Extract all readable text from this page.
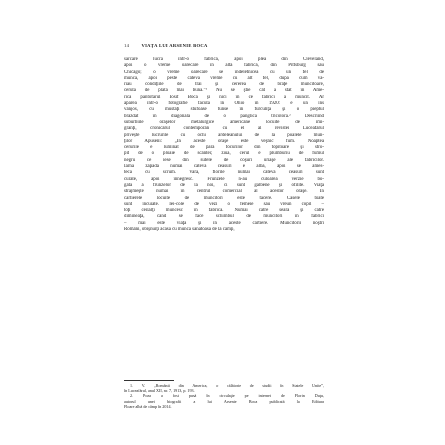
14	VIAŢA LUI ARSENIE BOCA
sarcare lucra într-o fabrică, apoi pleă din Cleveland,
apoi o vreme oarecare în altă fabrică, din Pittsburg sau
Chicago; o vreme oarecare se îndeletnicea cu un fel de
muncă, apoi peste câteva vreme cu alt fel, după cum va-
riau condiţiile de trai şi cererea de braţe muncitoare,
cerută de plata mai bună.”¹ Nu se ştie cât a stat în Ame-
rica pantofarul Iosif Boca şi nici în ce fabrici a muncit. Ar
apărea într-o fotografie făcută în Ohio în 1920: e un ins
vânjos, cu mustăţi stufoase tunse în furculiţă şi o pieptul
brăzdat în diagonală de o panglică tricoloră.² Descriind
suburbiile oraşelor metalurgice americane locuite de imi-
granţi, cronicarul contemporan cu el al revistei Luceafărul
privește lucrurile cu ochi ardeleanului de la poalele mun-
ţilor Apuseni: „În aceste oraşe este veşnic fum. Noaptea
cerurile e luminat de para focurilor din topitoare şi stro-
pit de o ploaie de scântei; ziua, cerul e plumburiu de fumul
negru ce iese din sutele de coşuri uriaşe ale fabricilor.
Iarna zăpada numai câteva ceasuri e albă, apoi se ames-
tecă cu scrum. Vara, florile numai câteva ceasuri sunt
curate, apoi înnegresc. Frunzele n-au culoarea verzie bo-
gată a frunzelor de la noi, ci sunt galbene şi ofilite. Viaţa
străjmeşte numai în centrul comercial al acestor oraşe. În
cartierele locuite de muncitori este tăcere. Casele toate
sunt încuiate. Iei-cole de vezi o femeie sau vreun copil –
toţi ceilalţi muncesc în fabrică. Numai către seară şi către
dimineaţă, când se face schimbul de muncitori în fabrici
– mai este viaţă şi în aceste cartiere. Muncitorii noştri
Români, obişnuiţi acasă cu munca sănătoasă de la câmp,
1. V. „Românii din America, o călătorie de studii în Statele Unite”,
în Luceafărul, anul XII, nr. 7, 1913, p. 193.
2. Poza a fost pusă în circulaţie pe internet de Florin Duţu,
autorul unei biografii a lui Arsenie Boca publicată la Editura
Floare albă de câmp în 2014.
